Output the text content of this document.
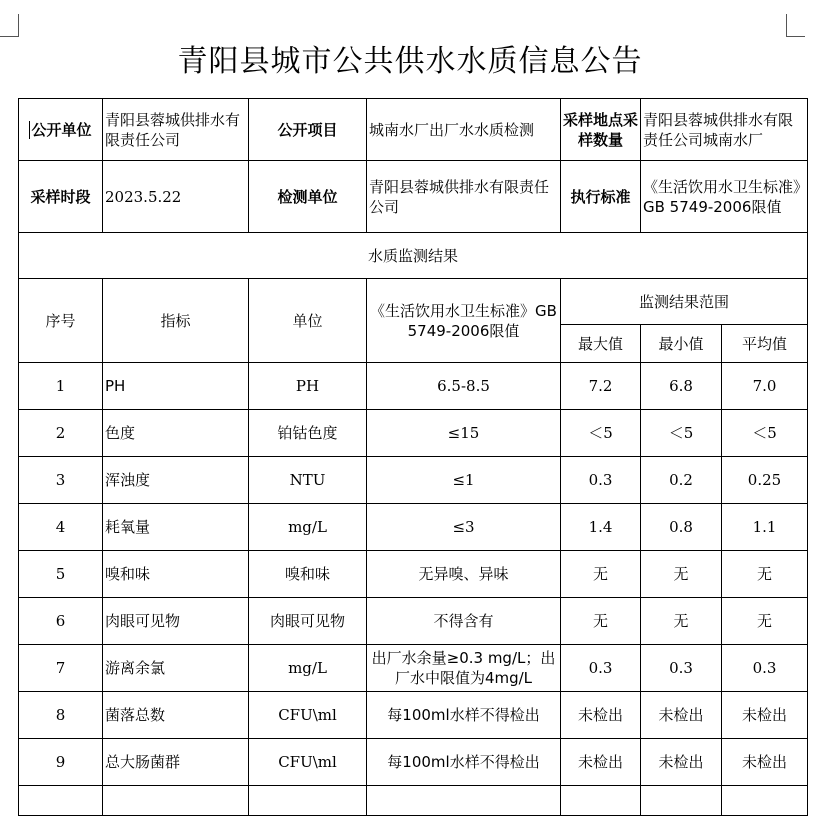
青阳县城市公共供水水质信息公告
公开单位	青阳县蓉城供排水有限责任公司	公开项目	城南水厂出厂水水质检测	采样地点采样数量	青阳县蓉城供排水有限责任公司城南水厂	
采样时段	2023.5.22	检测单位	青阳县蓉城供排水有限责任公司	执行标准	《生活饮用水卫生标准》GB 5749-2006限值	
水质监测结果						
序号	指标	单位	《生活饮用水卫生标准》GB 5749-2006限值	监测结果范围		
				最大值	最小值	平均值
1	PH	PH	6.5-8.5	7.2	6.8	7.0
2	色度	铂钴色度	≤15	＜5	＜5	＜5
3	浑浊度	NTU	≤1	0.3	0.2	0.25
4	耗氧量	mg/L	≤3	1.4	0.8	1.1
5	嗅和味	嗅和味	无异嗅、异味	无	无	无
6	肉眼可见物	肉眼可见物	不得含有	无	无	无
7	游离余氯	mg/L	出厂水余量≥0.3 mg/L；出厂水中限值为4mg/L	0.3	0.3	0.3
8	菌落总数	CFU\ml	每100ml水样不得检出	未检出	未检出	未检出
9	总大肠菌群	CFU\ml	每100ml水样不得检出	未检出	未检出	未检出
